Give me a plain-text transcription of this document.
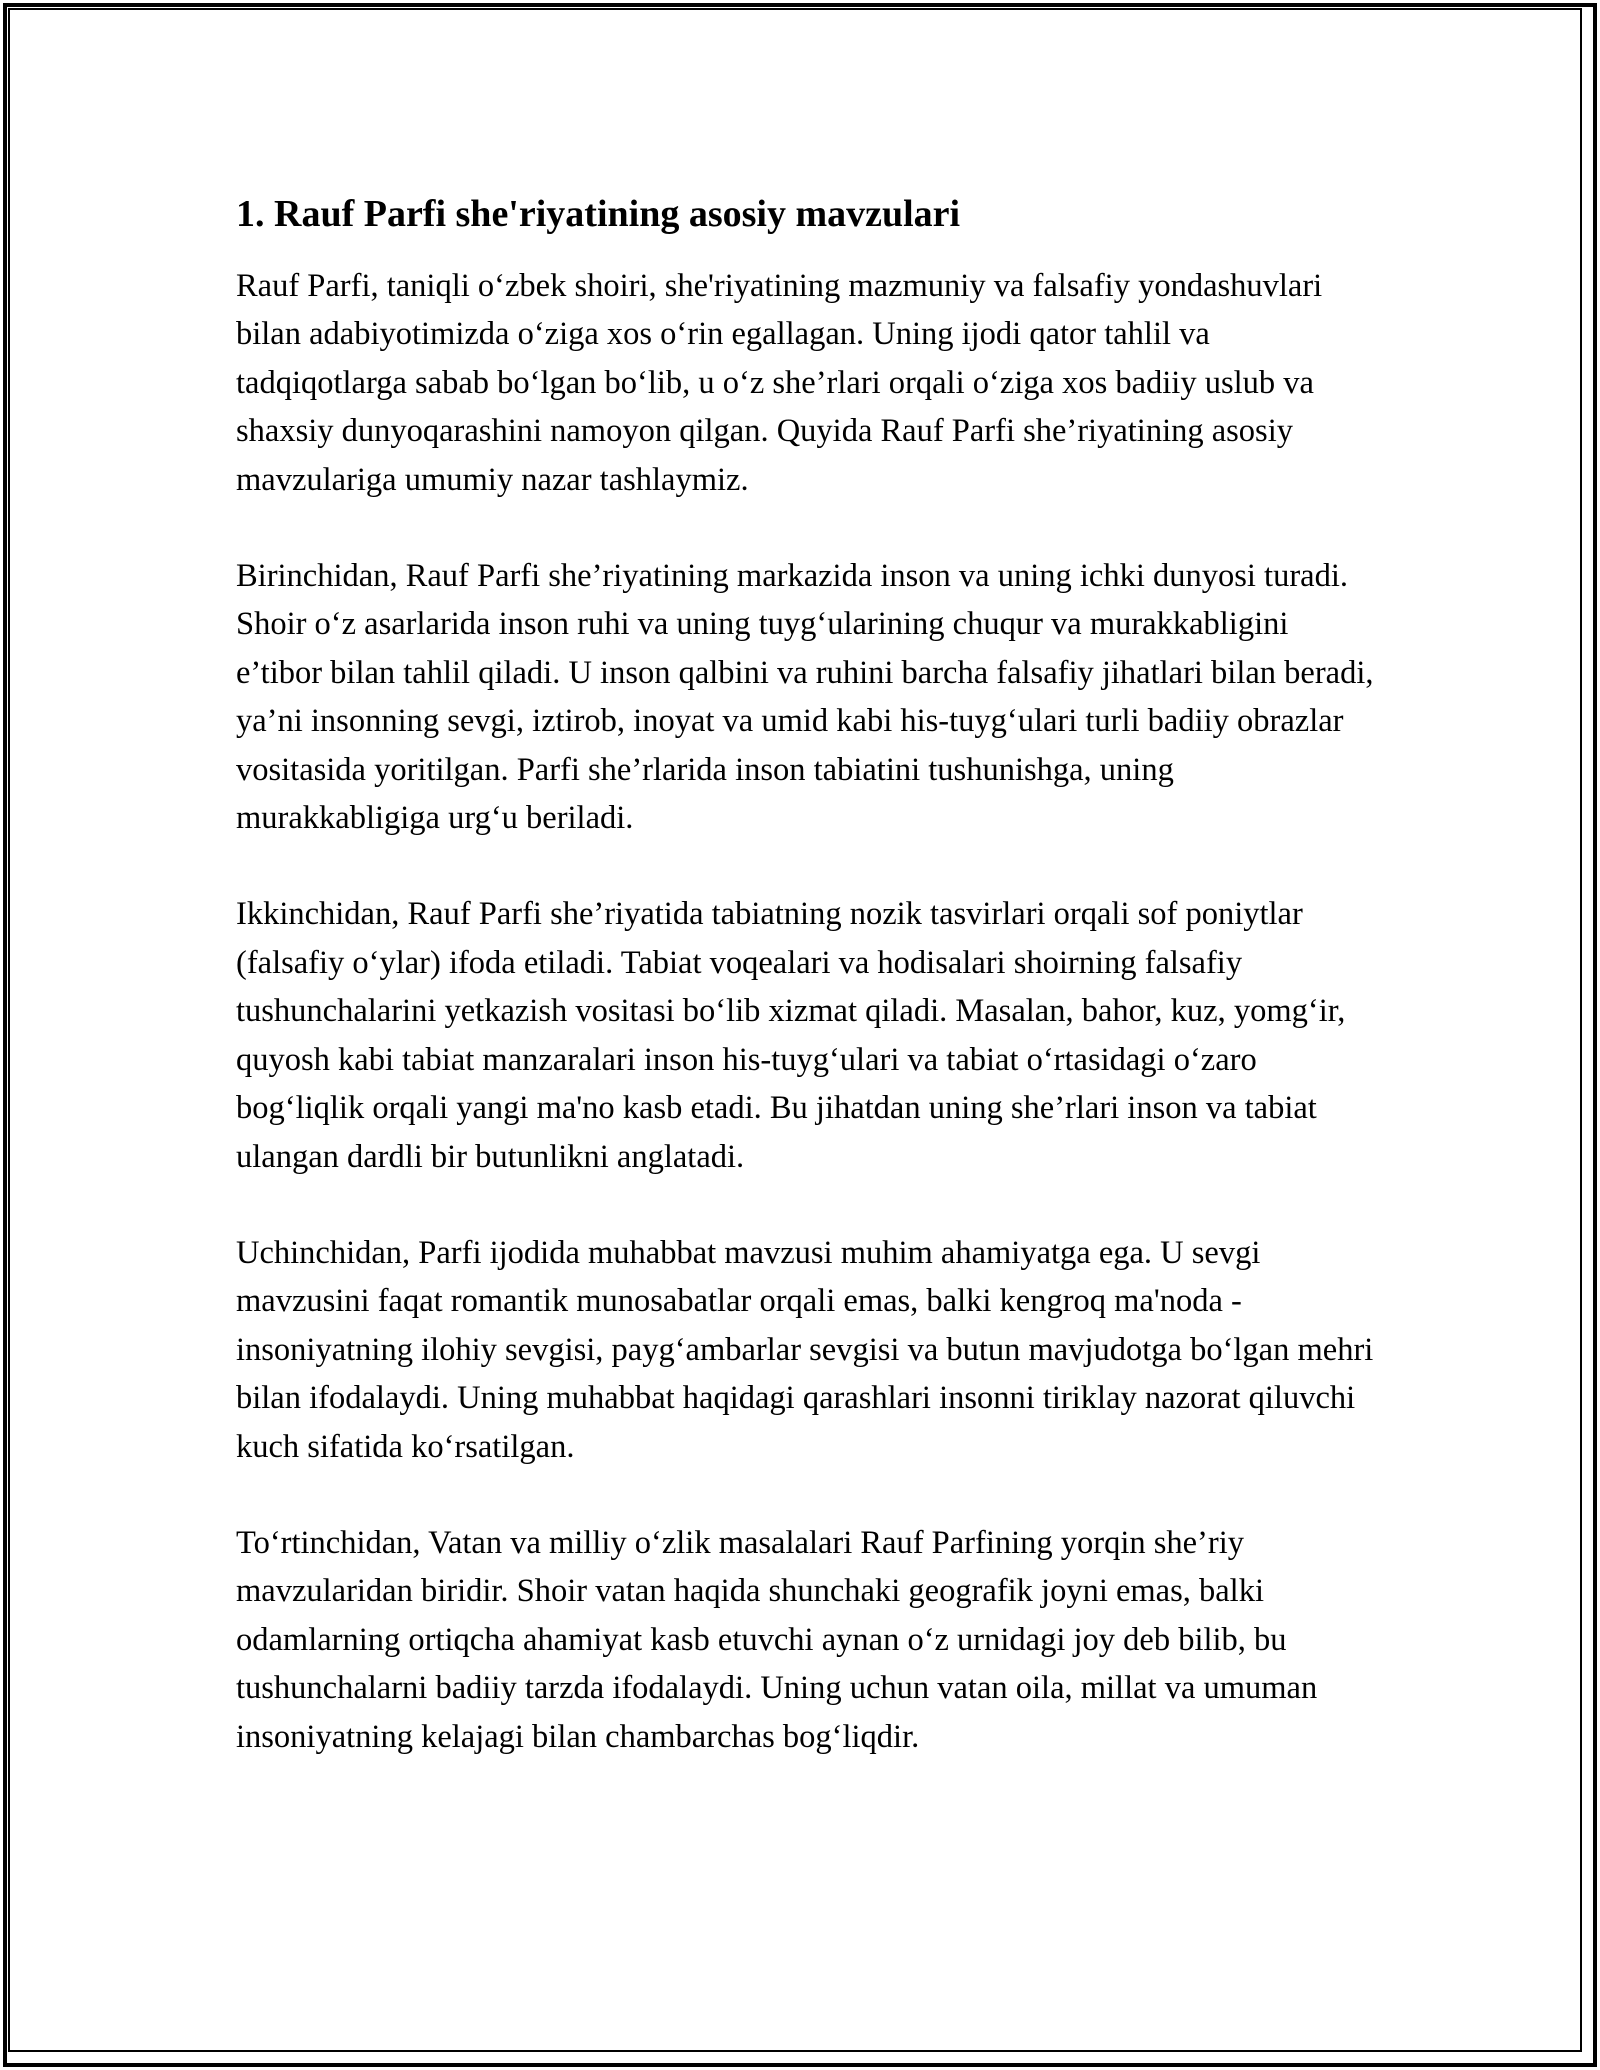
1. Rauf Parfi she'riyatining asosiy mavzulari

Rauf Parfi, taniqli o‘zbek shoiri, she'riyatining mazmuniy va falsafiy yondashuvlari bilan adabiyotimizda o‘ziga xos o‘rin egallagan. Uning ijodi qator tahlil va tadqiqotlarga sabab bo‘lgan bo‘lib, u o‘z she’rlari orqali o‘ziga xos badiiy uslub va shaxsiy dunyoqarashini namoyon qilgan. Quyida Rauf Parfi she’riyatining asosiy mavzulariga umumiy nazar tashlaymiz.

Birinchidan, Rauf Parfi she’riyatining markazida inson va uning ichki dunyosi turadi. Shoir o‘z asarlarida inson ruhi va uning tuyg‘ularining chuqur va murakkabligini e’tibor bilan tahlil qiladi. U inson qalbini va ruhini barcha falsafiy jihatlari bilan beradi, ya’ni insonning sevgi, iztirob, inoyat va umid kabi his-tuyg‘ulari turli badiiy obrazlar vositasida yoritilgan. Parfi she’rlarida inson tabiatini tushunishga, uning murakkabligiga urg‘u beriladi.

Ikkinchidan, Rauf Parfi she’riyatida tabiatning nozik tasvirlari orqali sof poniytlar (falsafiy o‘ylar) ifoda etiladi. Tabiat voqealari va hodisalari shoirning falsafiy tushunchalarini yetkazish vositasi bo‘lib xizmat qiladi. Masalan, bahor, kuz, yomg‘ir, quyosh kabi tabiat manzaralari inson his-tuyg‘ulari va tabiat o‘rtasidagi o‘zaro bog‘liqlik orqali yangi ma'no kasb etadi. Bu jihatdan uning she’rlari inson va tabiat ulangan dardli bir butunlikni anglatadi.

Uchinchidan, Parfi ijodida muhabbat mavzusi muhim ahamiyatga ega. U sevgi mavzusini faqat romantik munosabatlar orqali emas, balki kengroq ma'noda - insoniyatning ilohiy sevgisi, payg‘ambarlar sevgisi va butun mavjudotga bo‘lgan mehri bilan ifodalaydi. Uning muhabbat haqidagi qarashlari insonni tiriklay nazorat qiluvchi kuch sifatida ko‘rsatilgan.

To‘rtinchidan, Vatan va milliy o‘zlik masalalari Rauf Parfining yorqin she’riy mavzularidan biridir. Shoir vatan haqida shunchaki geografik joyni emas, balki odamlarning ortiqcha ahamiyat kasb etuvchi aynan o‘z urnidagi joy deb bilib, bu tushunchalarni badiiy tarzda ifodalaydi. Uning uchun vatan oila, millat va umuman insoniyatning kelajagi bilan chambarchas bog‘liqdir.
